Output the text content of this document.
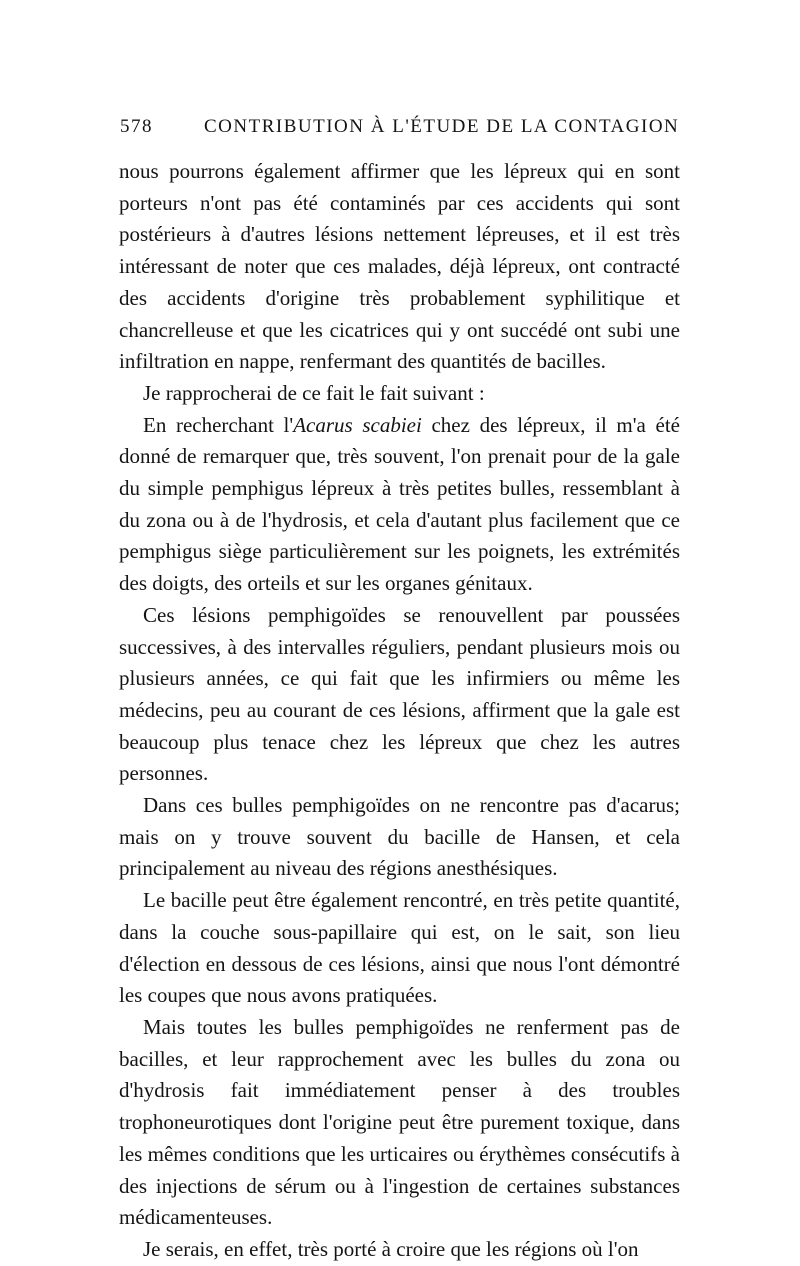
578	CONTRIBUTION À L'ÉTUDE DE LA CONTAGION

nous pourrons également affirmer que les lépreux qui en sont porteurs n'ont pas été contaminés par ces accidents qui sont postérieurs à d'autres lésions nettement lépreuses, et il est très intéressant de noter que ces malades, déjà lépreux, ont contracté des accidents d'origine très probablement syphilitique et chancrelleuse et que les cicatrices qui y ont succédé ont subi une infiltration en nappe, renfermant des quantités de bacilles.

Je rapprocherai de ce fait le fait suivant :

En recherchant l'Acarus scabiei chez des lépreux, il m'a été donné de remarquer que, très souvent, l'on prenait pour de la gale du simple pemphigus lépreux à très petites bulles, ressemblant à du zona ou à de l'hydrosis, et cela d'autant plus facilement que ce pemphigus siège particulièrement sur les poignets, les extrémités des doigts, des orteils et sur les organes génitaux.

Ces lésions pemphigoïdes se renouvellent par poussées successives, à des intervalles réguliers, pendant plusieurs mois ou plusieurs années, ce qui fait que les infirmiers ou même les médecins, peu au courant de ces lésions, affirment que la gale est beaucoup plus tenace chez les lépreux que chez les autres personnes.

Dans ces bulles pemphigoïdes on ne rencontre pas d'acarus; mais on y trouve souvent du bacille de Hansen, et cela principalement au niveau des régions anesthésiques.

Le bacille peut être également rencontré, en très petite quantité, dans la couche sous-papillaire qui est, on le sait, son lieu d'élection en dessous de ces lésions, ainsi que nous l'ont démontré les coupes que nous avons pratiquées.

Mais toutes les bulles pemphigoïdes ne renferment pas de bacilles, et leur rapprochement avec les bulles du zona ou d'hydrosis fait immédiatement penser à des troubles trophoneurotiques dont l'origine peut être purement toxique, dans les mêmes conditions que les urticaires ou érythèmes consécutifs à des injections de sérum ou à l'ingestion de certaines substances médicamenteuses.

Je serais, en effet, très porté à croire que les régions où l'on
